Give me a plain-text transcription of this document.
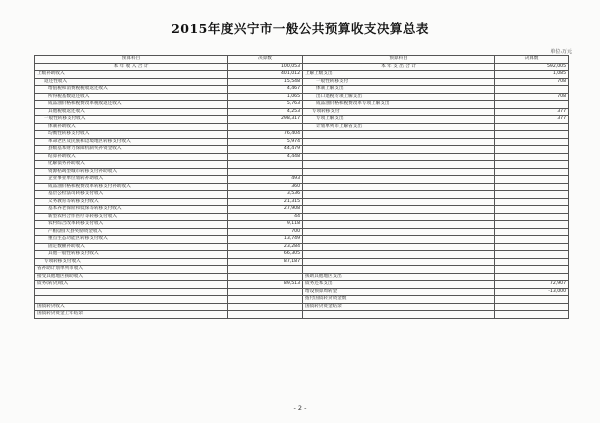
2015年度兴宁市一般公共预算收支决算总表
单位:万元
预算科目	决算数	预算科目	决算数
本 年 收 入 合 计	100,053	本 年 支 出 合 计	592,005
上级补助收入	401,012	上解上级支出	1,085
返还性收入	15,548	一般性转移支付	708
增值税和消费税税收返还收入	4,467	体制上解支出	
所得税基数返还收入	1,065	出口退税专项上解支出	708
成品油价格和税费改革税收返还收入	5,763	成品油价格和税费改革专项上解支出	
其他税收返还收入	4,253	专项转移支付	377
一般性转移支付收入	298,317	专项上解支出	377
体制补助收入		计划单列市上解省支出	
均衡性转移支付收入	76,404		
革命老区及民族和边境地区转移支付收入	5,974		
县级基本财力保障机制奖补资金收入	44,479		
结算补助收入	4,448		
化解债务补助收入			
资源枯竭型城市转移支付补助收入			
企业事业单位划转补助收入	493		
成品油价格和税费改革转移支付补助收入	360		
基层公检法司转移支付收入	3,536		
义务教育等转移支付收入	21,315		
基本养老保险和低保等转移支付收入	27,908		
新型农村合作医疗等转移支付收入	44		
农村综合改革转移支付收入	9,118		
产粮(油)大县奖励资金收入	700		
重点生态功能区转移支付收入	13,749		
固定数额补助收入	23,284		
其他一般性转移支付收入	66,305		
专项转移支付收入	87,187		
省补助计划单列市收入			
接受其他地区援助收入		援助其他地区支出	
债务(转贷)收入	89,513	债务还本支出	72,907
		增设预算周转金	-13,000
		拨付国债转贷资金数	
国债转贷收入		国债转贷资金结余	
国债转贷资金上年结余			
- 2 -
